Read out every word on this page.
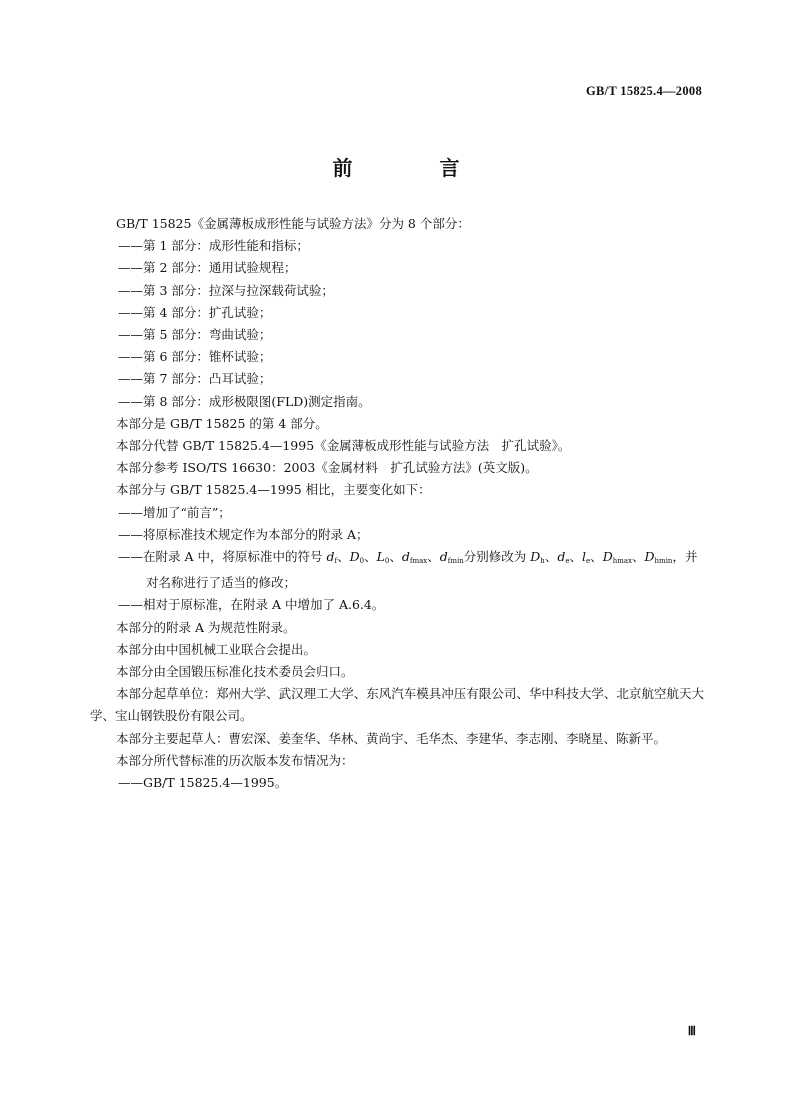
GB/T 15825.4—2008
前 言

GB/T 15825《金属薄板成形性能与试验方法》分为 8 个部分：

——第 1 部分：成形性能和指标；

——第 2 部分：通用试验规程；

——第 3 部分：拉深与拉深载荷试验；

——第 4 部分：扩孔试验；

——第 5 部分：弯曲试验；

——第 6 部分：锥杯试验；

——第 7 部分：凸耳试验；

——第 8 部分：成形极限图(FLD)测定指南。

本部分是 GB/T 15825 的第 4 部分。

本部分代替 GB/T 15825.4—1995《金属薄板成形性能与试验方法　扩孔试验》。

本部分参考 ISO/TS 16630：2003《金属材料　扩孔试验方法》(英文版)。

本部分与 GB/T 15825.4—1995 相比，主要变化如下：

——增加了“前言”；

——将原标准技术规定作为本部分的附录 A；

——在附录 A 中，将原标准中的符号 $d_f$、$D_0$、$L_0$、$d_{fmax}$、$d_{fmin}$分别修改为 $D_h$、$d_e$、$l_e$、$D_{hmax}$、$D_{hmin}$，并对名称进行了适当的修改；

——相对于原标准，在附录 A 中增加了 A.6.4。

本部分的附录 A 为规范性附录。

本部分由中国机械工业联合会提出。

本部分由全国锻压标准化技术委员会归口。

本部分起草单位：郑州大学、武汉理工大学、东风汽车模具冲压有限公司、华中科技大学、北京航空航天大学、宝山钢铁股份有限公司。

本部分主要起草人：曹宏深、姜奎华、华林、黄尚宇、毛华杰、李建华、李志刚、李晓星、陈新平。

本部分所代替标准的历次版本发布情况为：

——GB/T 15825.4—1995。

Ⅲ
